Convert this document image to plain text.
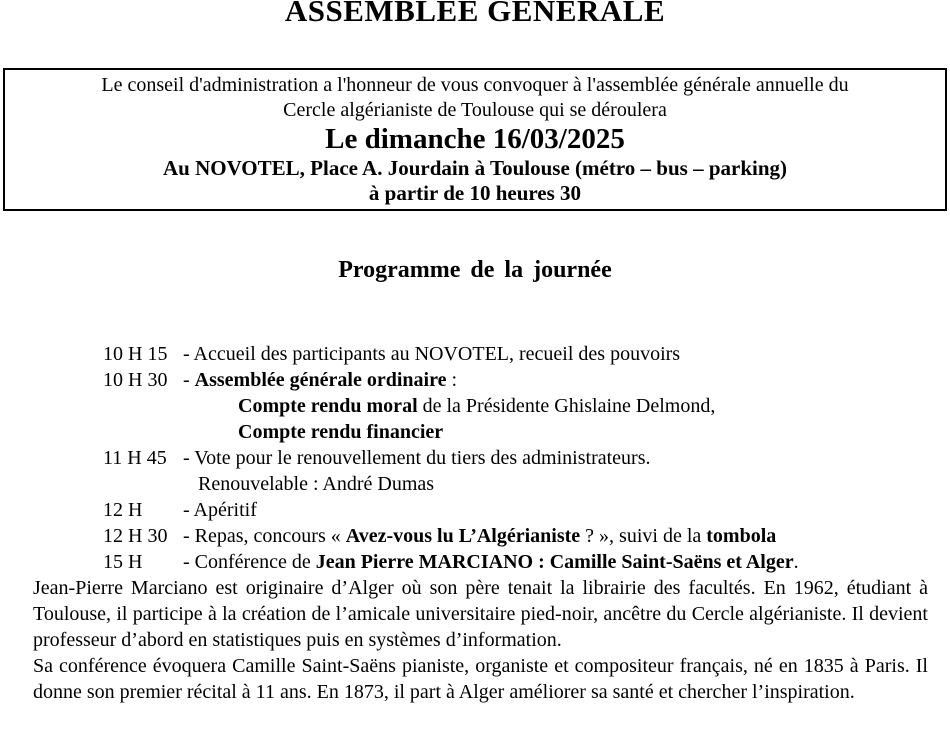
ASSEMBLEE GENERALE
Le conseil d'administration a l'honneur de vous convoquer à l'assemblée générale annuelle du
Cercle algérianiste de Toulouse qui se déroulera
Le dimanche 16/03/2025
Au NOVOTEL, Place A. Jourdain à Toulouse (métro – bus – parking)
à partir de 10 heures 30
Programme de la journée
10 H 15 - Accueil des participants au NOVOTEL, recueil des pouvoirs
10 H 30 - Assemblée générale ordinaire :
Compte rendu moral de la Présidente Ghislaine Delmond,
Compte rendu financier
11 H 45 - Vote pour le renouvellement du tiers des administrateurs.
Renouvelable : André Dumas
12 H - Apéritif
12 H 30 - Repas, concours « Avez-vous lu L’Algérianiste ? », suivi de la tombola
15 H - Conférence de Jean Pierre MARCIANO : Camille Saint-Saëns et Alger.

Jean-Pierre Marciano est originaire d’Alger où son père tenait la librairie des facultés. En 1962, étudiant à Toulouse, il participe à la création de l’amicale universitaire pied-noir, ancêtre du Cercle algérianiste. Il devient professeur d’abord en statistiques puis en systèmes d’information.

Sa conférence évoquera Camille Saint-Saëns pianiste, organiste et compositeur français, né en 1835 à Paris. Il donne son premier récital à 11 ans. En 1873, il part à Alger améliorer sa santé et chercher l’inspiration.
